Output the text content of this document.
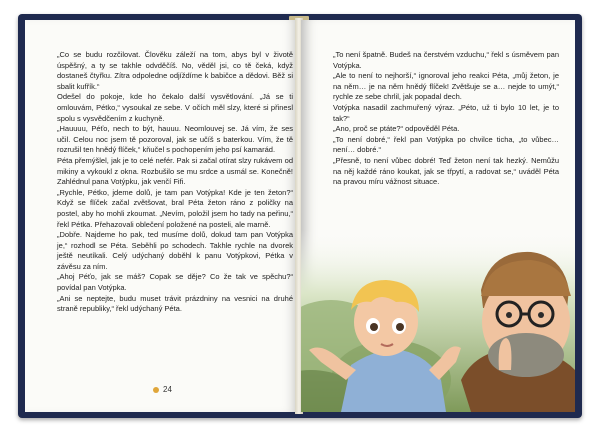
„Co se budu rozčilovat. Člověku záleží na tom, abys byl v životě úspěšný, a ty se takhle odvděčíš. No, věděl jsi, co tě čeká, když dostaneš čtyřku. Zítra odpoledne odjíždíme k babičce a dědovi. Běž si sbalit kufřík.“

Odešel do pokoje, kde ho čekalo další vysvětlování. „Já se ti omlouvám, Pétko,“ vysoukal ze sebe. V očích měl slzy, které si přinesl spolu s vysvědčením z kuchyně.

„Hauuuu, Péťo, nech to být, hauuu. Neomlouvej se. Já vím, že ses učil. Celou noc jsem tě pozoroval, jak se učíš s baterkou. Vím, že tě rozrušil ten hnědý flíček,“ kňučel s pochopením jeho psí kamarád.

Péta přemýšlel, jak je to celé nefér. Pak si začal otírat slzy rukávem od mikiny a vykoukl z okna. Rozbušilo se mu srdce a usmál se. Konečně! Zahlédnul pana Votýpku, jak venčí Fifi.

„Rychle, Pétko, jdeme dolů, je tam pan Votýpka! Kde je ten žeton?“ Když se flíček začal zvětšovat, bral Péta žeton ráno z poličky na postel, aby ho mohli zkoumat. „Nevím, položil jsem ho tady na peřinu,“ řekl Pétka. Přehazovali oblečení položené na posteli, ale marně.

„Dobře. Najdeme ho pak, ted musíme dolů, dokud tam pan Votýpka je,“ rozhodl se Péta. Seběhli po schodech. Takhle rychle na dvorek ještě neutíkali. Celý udýchaný doběhl k panu Votýpkovi, Pétka v závěsu za ním.

„Ahoj Péťo, jak se máš? Copak se děje? Co že tak ve spěchu?“ povídal pan Votýpka.

„Ani se neptejte, budu muset trávit prázdniny na vesnici na druhé straně republiky,“ řekl udýchaný Péta.

24

„To není špatně. Budeš na čerstvém vzduchu,“ řekl s úsměvem pan Votýpka.

„Ale to není to nejhorší,“ ignoroval jeho reakci Péta, „můj žeton, je na něm… je na něm hnědý flíček! Zvětšuje se a… nejde to umýt,“ rychle ze sebe chrlil, jak popadal dech.

Votýpka nasadil zachmuřený výraz. „Péto, už ti bylo 10 let, je to tak?“

„Ano, proč se ptáte?“ odpověděl Péta.

„To není dobré,“ řekl pan Votýpka po chvilce ticha, „to vůbec… není… dobré.“

„Přesně, to není vůbec dobré! Teď žeton není tak hezký. Nemůžu na něj každé ráno koukat, jak se třpytí, a radovat se,“ uváděl Péta na pravou míru vážnost situace.
